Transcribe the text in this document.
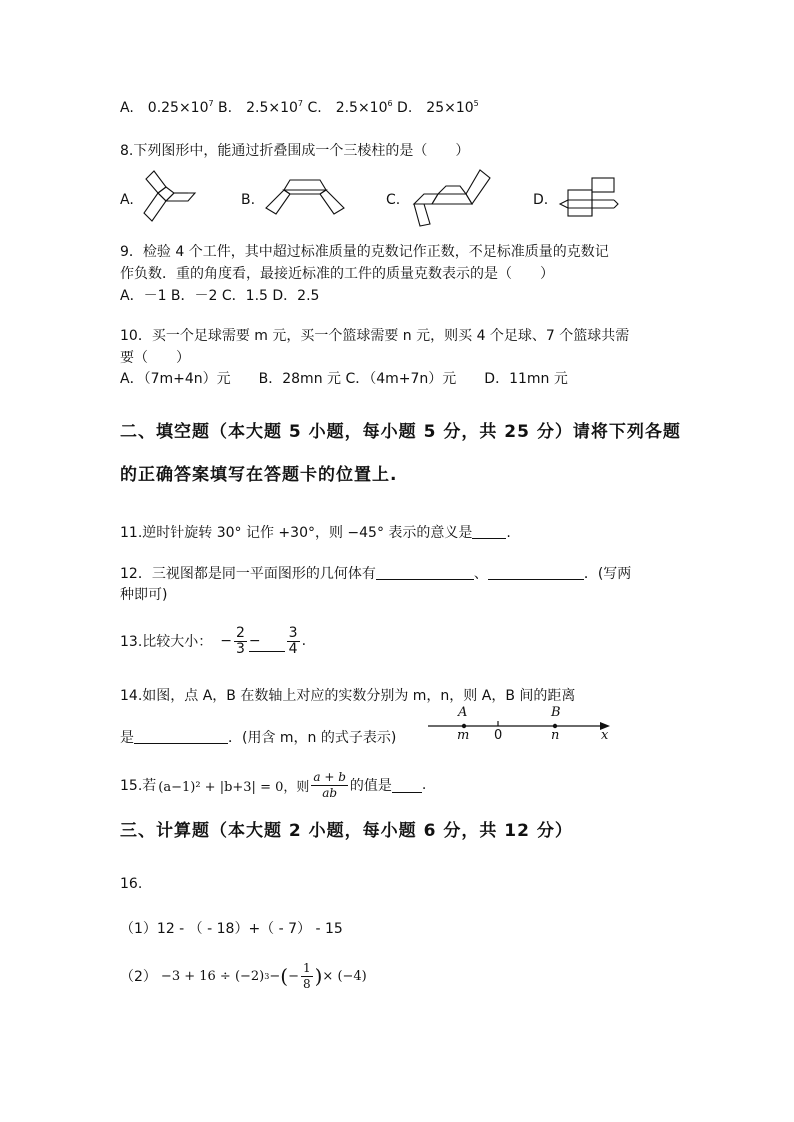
A.　$0.25\times 10^7$ B.　$2.5\times 10^7$ C.　$2.5\times 10^6$ D.　$25\times 10^5$
8.下列图形中，能通过折叠围成一个三棱柱的是（　　）
A.	B.	C.	D.
9．检验 4 个工件，其中超过标准质量的克数记作正数，不足标准质量的克数记
作负数．重的角度看，最接近标准的工件的质量克数表示的是（　　）
A．－1 B．－2 C．1.5 D．2.5
10．买一个足球需要 m 元，买一个篮球需要 n 元，则买 4 个足球、7 个篮球共需
要（　　）
A．（7m+4n）元　　B．28mn 元 C．（4m+7n）元　　D．11mn 元
二、填空题（本大题 5 小题，每小题 5 分，共 25 分）请将下列各题
的正确答案填写在答题卡的位置上.
11.逆时针旋转 30° 记作 +30°，则 −45° 表示的意义是 .
12．三视图都是同一平面图形的几何体有	、	．(写两
种即可)
13.比较大小： − $\frac{2}{3} - \frac{3}{4}$ .
14.如图，点 A，B 在数轴上对应的实数分别为 m，n，则 A，B 间的距离
是	．(用含 m，n 的式子表示)
A	B
m 0	n	x
15.若 (a−1)² + |b+3| = 0，则 $\frac{a + b}{ab}$ 的值是 .
三、计算题（本大题 2 小题，每小题 6 分，共 12 分）
16.
（1）12 - （ - 18）+（ - 7） - 15
（2） −3 + 16 ÷ (−2) 3 − ( − $\frac{1}{8}$ ) × (−4)
